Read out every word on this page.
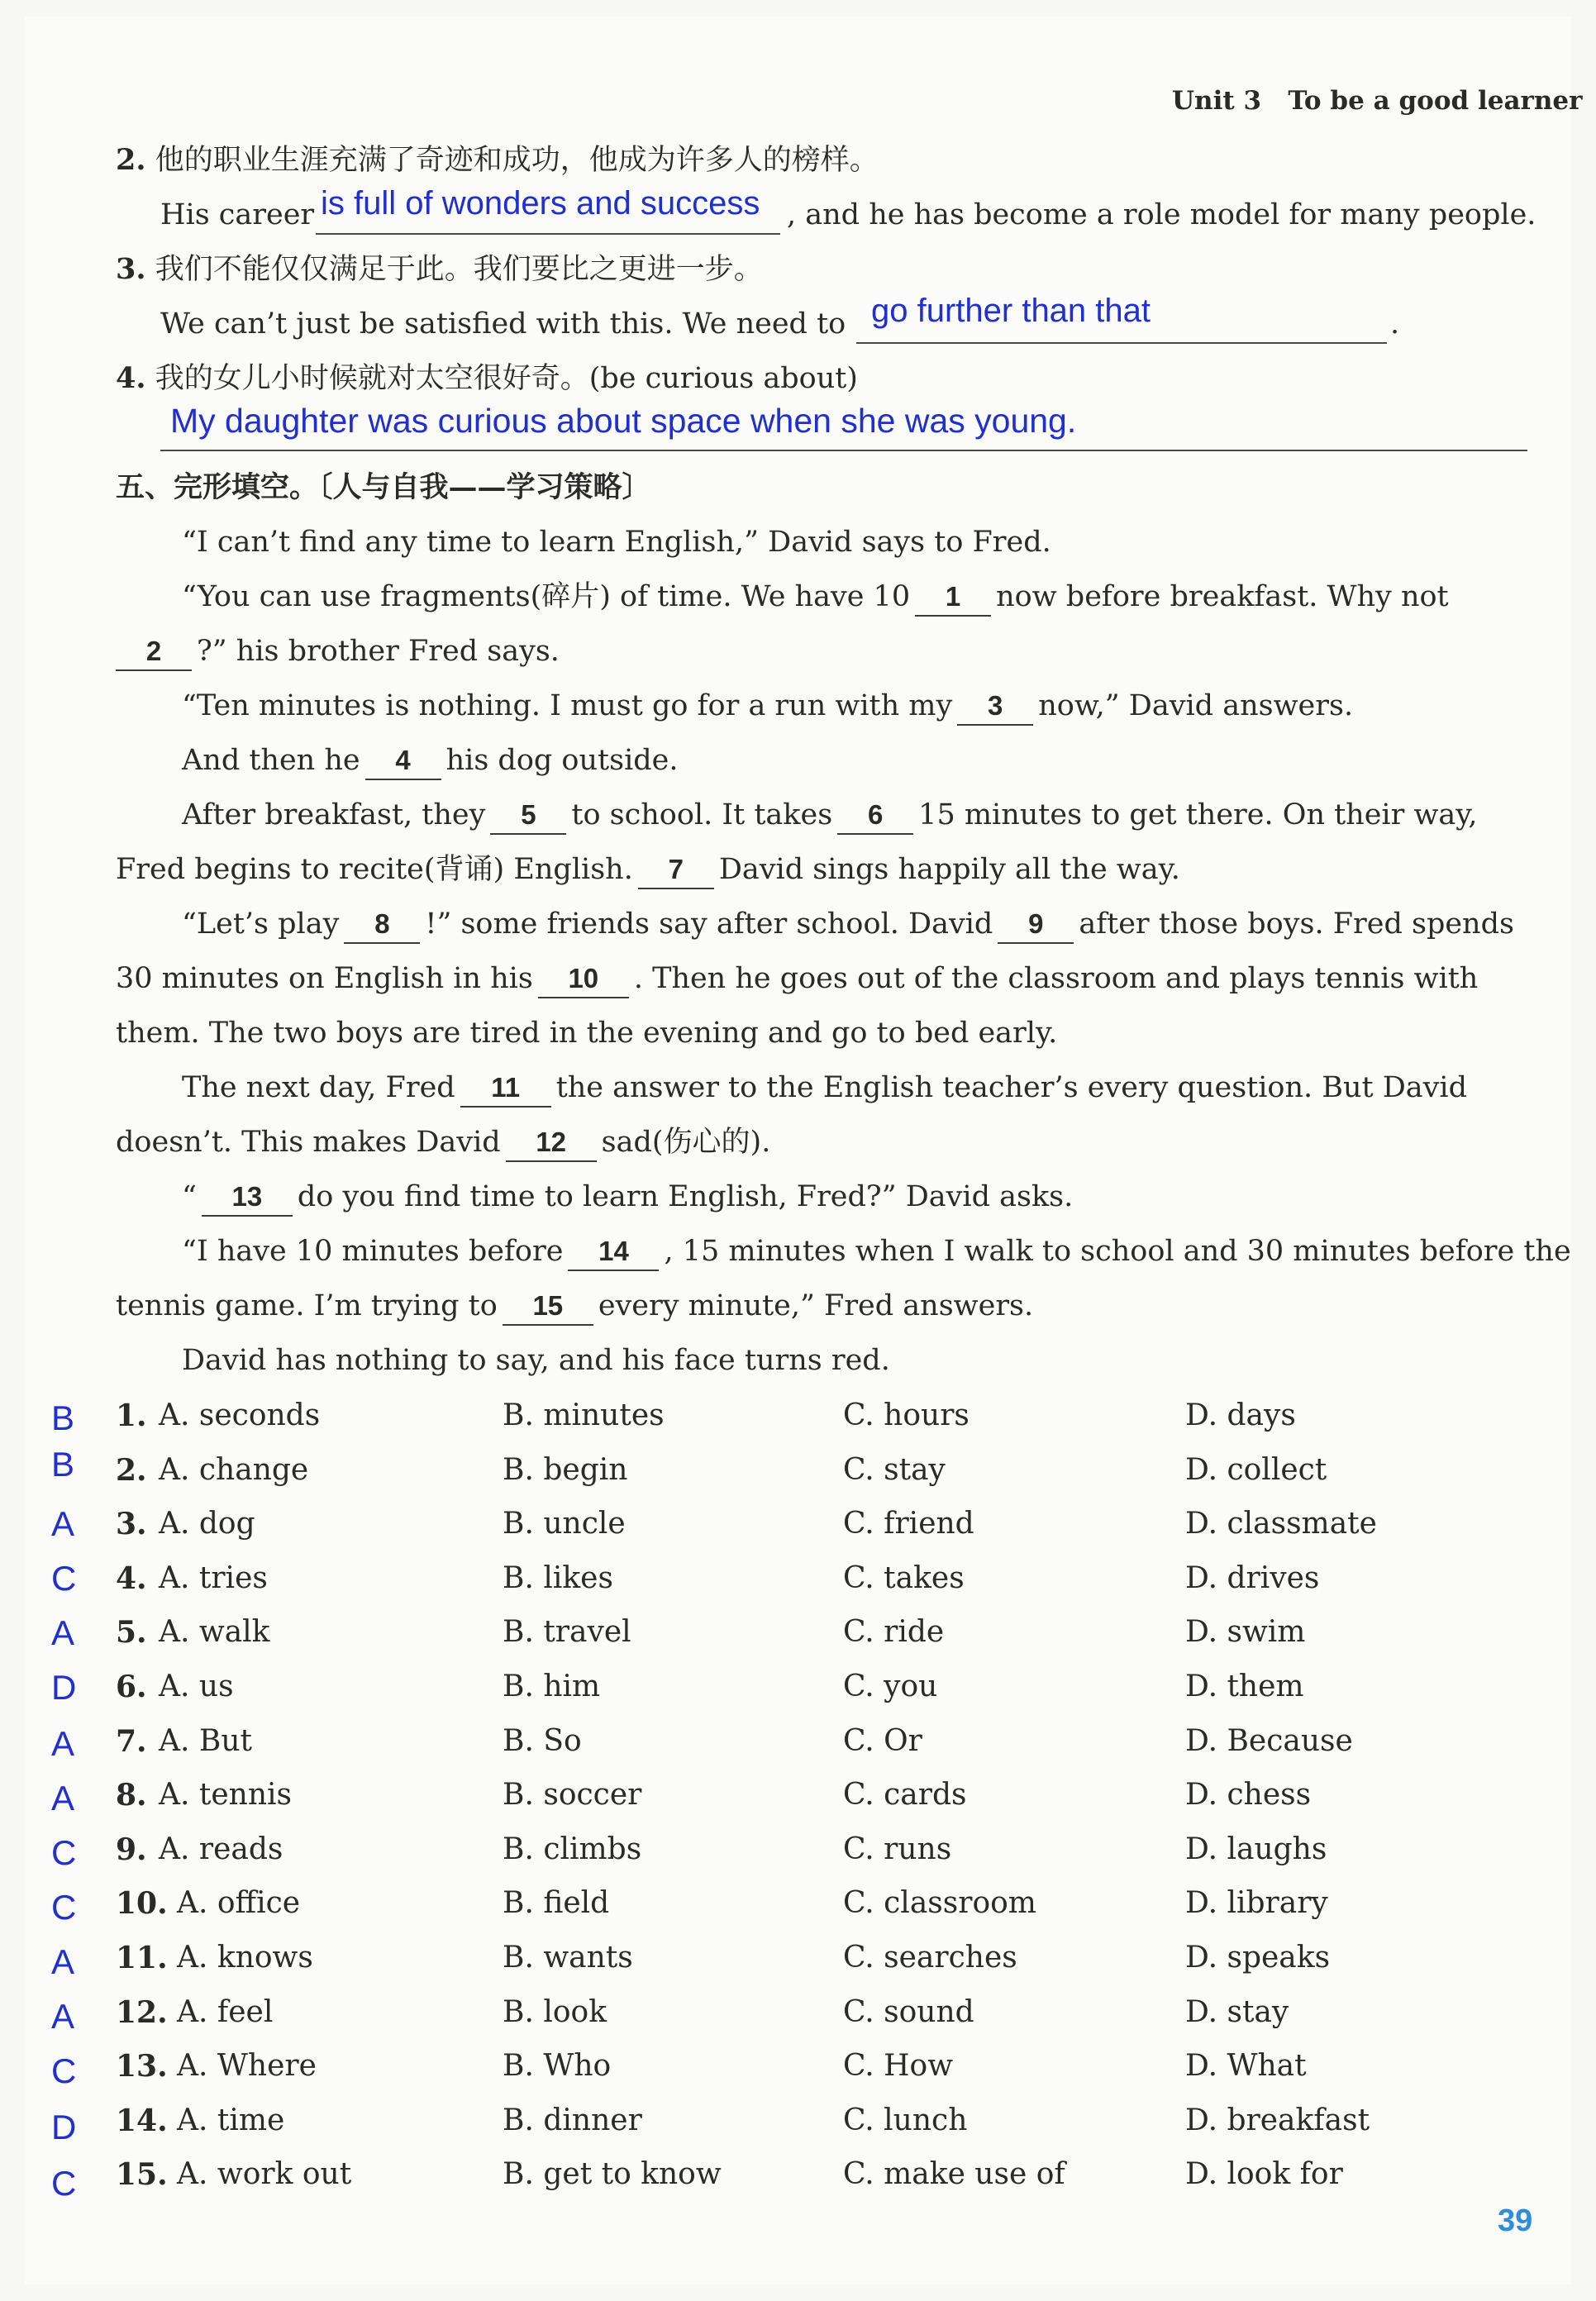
Unit 3 To be a good learner
2. 他的职业生涯充满了奇迹和成功，他成为许多人的榜样。
His career is full of wonders and success , and he has become a role model for many people.
3. 我们不能仅仅满足于此。我们要比之更进一步。
We can’t just be satisfied with this. We need to go further than that	.
4. 我的女儿小时候就对太空很好奇。(be curious about)
My daughter was curious about space when she was young.
五、完形填空。〔人与自我——学习策略〕
“I can’t find any time to learn English,” David says to Fred.
“You can use fragments(碎片) of time. We have 10 1 now before breakfast. Why not
2 ?” his brother Fred says.
“Ten minutes is nothing. I must go for a run with my 3 now,” David answers.
And then he 4 his dog outside.
After breakfast, they 5 to school. It takes 6 15 minutes to get there. On their way,
Fred begins to recite(背诵) English. 7 David sings happily all the way.
“Let’s play 8 !” some friends say after school. David 9 after those boys. Fred spends
30 minutes on English in his 10 . Then he goes out of the classroom and plays tennis with
them. The two boys are tired in the evening and go to bed early.
The next day, Fred 11 the answer to the English teacher’s every question. But David
doesn’t. This makes David 12 sad(伤心的).
“ 13 do you find time to learn English, Fred?” David asks.
“I have 10 minutes before 14 , 15 minutes when I walk to school and 30 minutes before the
tennis game. I’m trying to 15 every minute,” Fred answers.
David has nothing to say, and his face turns red.
B 1. A. seconds	B. minutes	C. hours	D. days
B 2. A. change	B. begin	C. stay	D. collect
A 3. A. dog	B. uncle	C. friend	D. classmate
C 4. A. tries	B. likes	C. takes	D. drives
A 5. A. walk	B. travel	C. ride	D. swim
D 6. A. us	B. him	C. you	D. them
A 7. A. But	B. So	C. Or	D. Because
A 8. A. tennis	B. soccer	C. cards	D. chess
C 9. A. reads	B. climbs	C. runs	D. laughs
C 10. A. office	B. field	C. classroom	D. library
A 11. A. knows	B. wants	C. searches	D. speaks
A 12. A. feel	B. look	C. sound	D. stay
C 13. A. Where	B. Who	C. How	D. What
D 14. A. time	B. dinner	C. lunch	D. breakfast
C 15. A. work out	B. get to know	C. make use of	D. look for
39
